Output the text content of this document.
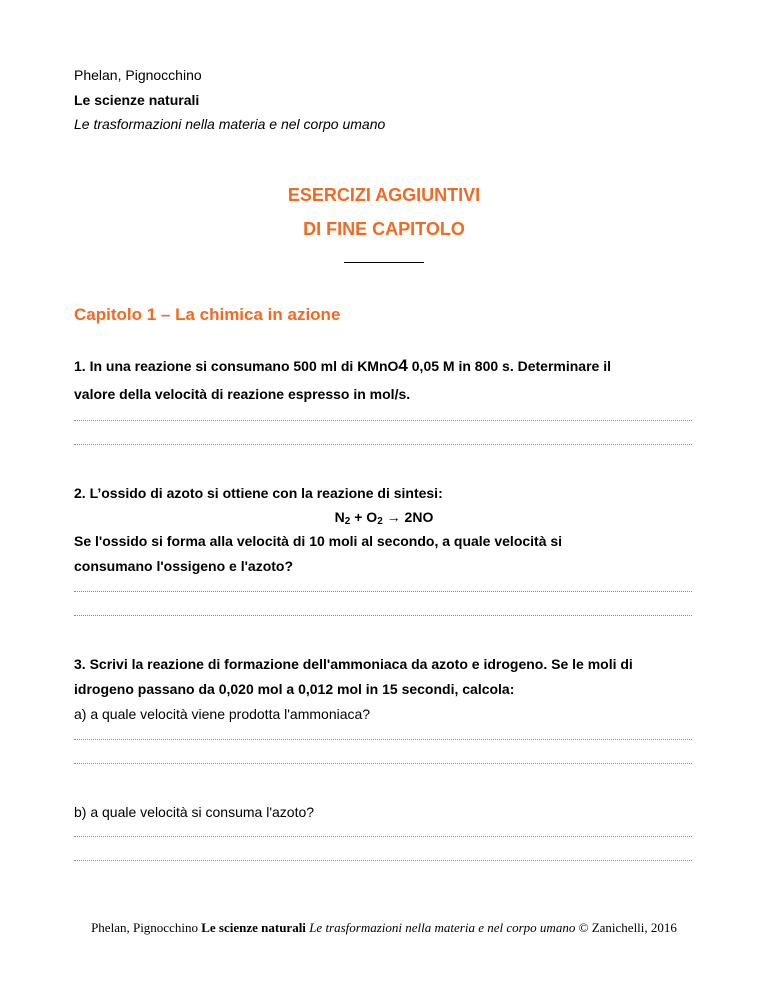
Phelan, Pignocchino
Le scienze naturali
Le trasformazioni nella materia e nel corpo umano
ESERCIZI AGGIUNTIVI
DI FINE CAPITOLO
Capitolo 1 – La chimica in azione
1. In una reazione si consumano 500 ml di KMnO4 0,05 M in 800 s. Determinare il
valore della velocità di reazione espresso in mol/s.
2. L’ossido di azoto si ottiene con la reazione di sintesi:
$N_2 + O_2 \to 2NO$
Se l'ossido si forma alla velocità di 10 moli al secondo, a quale velocità si
consumano l'ossigeno e l'azoto?
3. Scrivi la reazione di formazione dell'ammoniaca da azoto e idrogeno. Se le moli di
idrogeno passano da 0,020 mol a 0,012 mol in 15 secondi, calcola:
a) a quale velocità viene prodotta l'ammoniaca?
b) a quale velocità si consuma l'azoto?
Phelan, Pignocchino Le scienze naturali Le trasformazioni nella materia e nel corpo umano © Zanichelli, 2016
